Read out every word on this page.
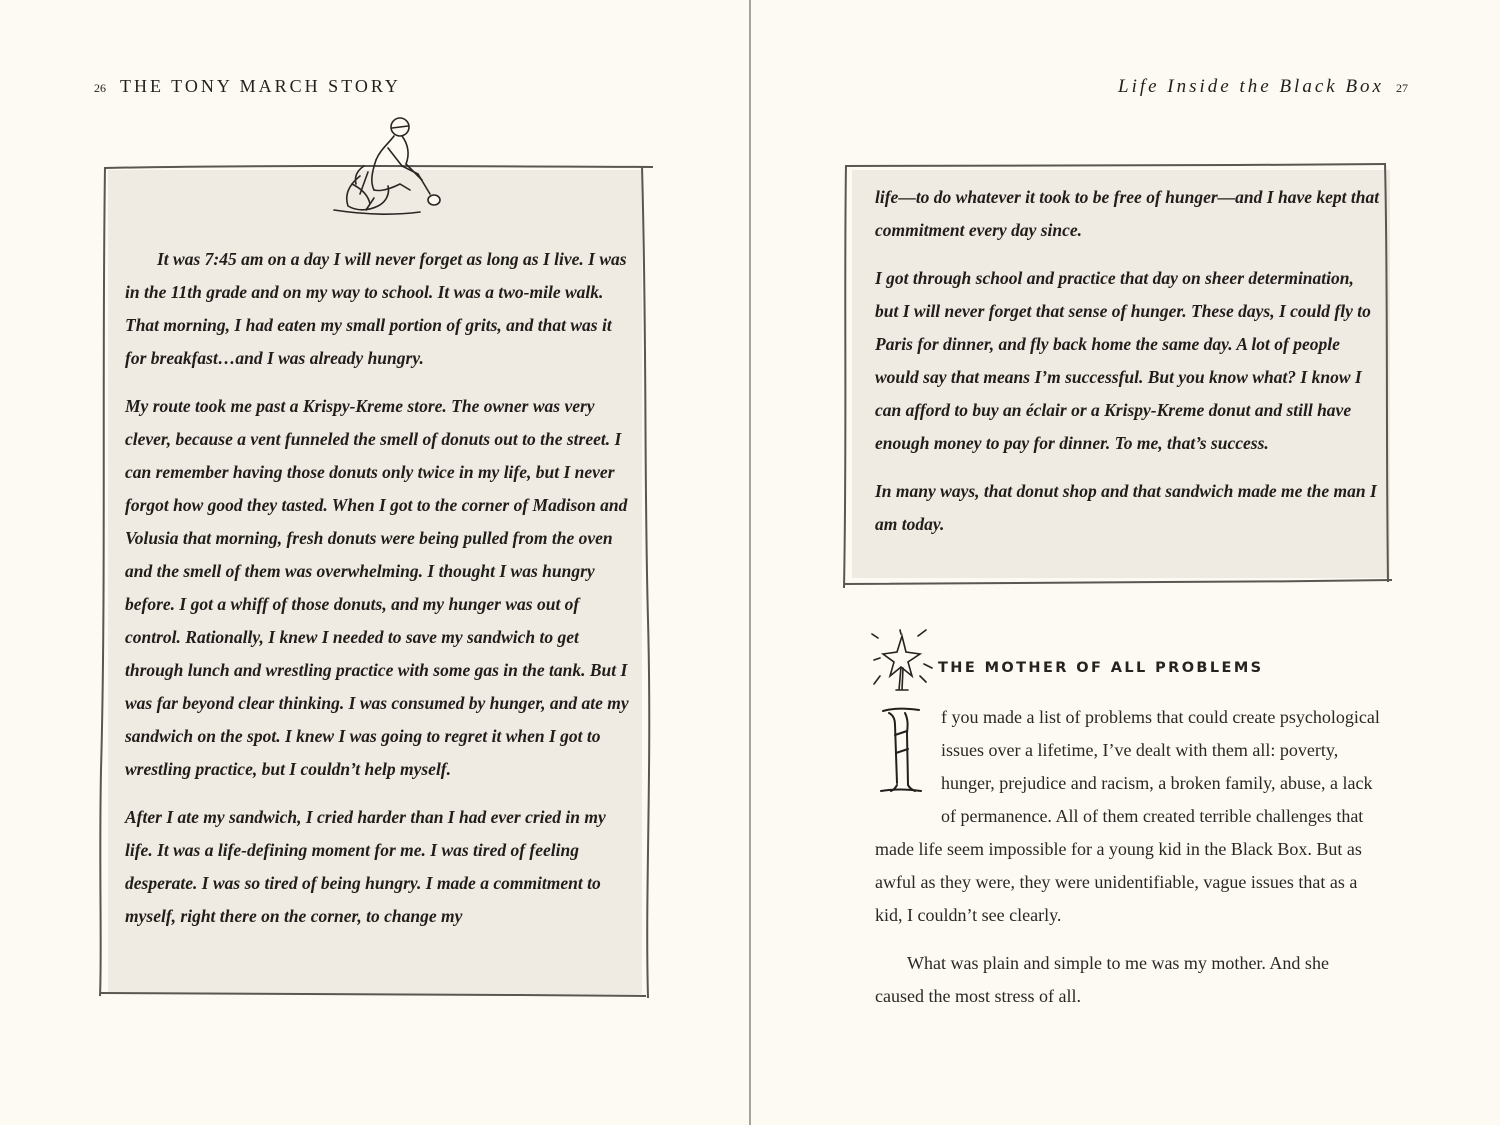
26 THE TONY MARCH STORY

It was 7:45 am on a day I will never forget as long as I live. I was in the 11th grade and on my way to school. It was a two-mile walk. That morning, I had eaten my small portion of grits, and that was it for breakfast…and I was already hungry.

My route took me past a Krispy-Kreme store. The owner was very clever, because a vent funneled the smell of donuts out to the street. I can remember having those donuts only twice in my life, but I never forgot how good they tasted. When I got to the corner of Madison and Volusia that morning, fresh donuts were being pulled from the oven and the smell of them was overwhelming. I thought I was hungry before. I got a whiff of those donuts, and my hunger was out of control. Rationally, I knew I needed to save my sandwich to get through lunch and wrestling practice with some gas in the tank. But I was far beyond clear thinking. I was consumed by hunger, and ate my sandwich on the spot. I knew I was going to regret it when I got to wrestling practice, but I couldn’t help myself.

After I ate my sandwich, I cried harder than I had ever cried in my life. It was a life-defining moment for me. I was tired of feeling desperate. I was so tired of being hungry. I made a commitment to myself, right there on the corner, to change my

Life Inside the Black Box 27

life—to do whatever it took to be free of hunger—and I have kept that commitment every day since.

I got through school and practice that day on sheer determination, but I will never forget that sense of hunger. These days, I could fly to Paris for dinner, and fly back home the same day. A lot of people would say that means I’m successful. But you know what? I know I can afford to buy an éclair or a Krispy-Kreme donut and still have enough money to pay for dinner. To me, that’s success.

In many ways, that donut shop and that sandwich made me the man I am today.

THE MOTHER OF ALL PROBLEMS

f you made a list of problems that could create psychological issues over a lifetime, I’ve dealt with them all: poverty, hunger, prejudice and racism, a broken family, abuse, a lack of permanence. All of them created terrible challenges that made life seem impossible for a young kid in the Black Box. But as awful as they were, they were unidentifiable, vague issues that as a kid, I couldn’t see clearly.

What was plain and simple to me was my mother. And she caused the most stress of all.
